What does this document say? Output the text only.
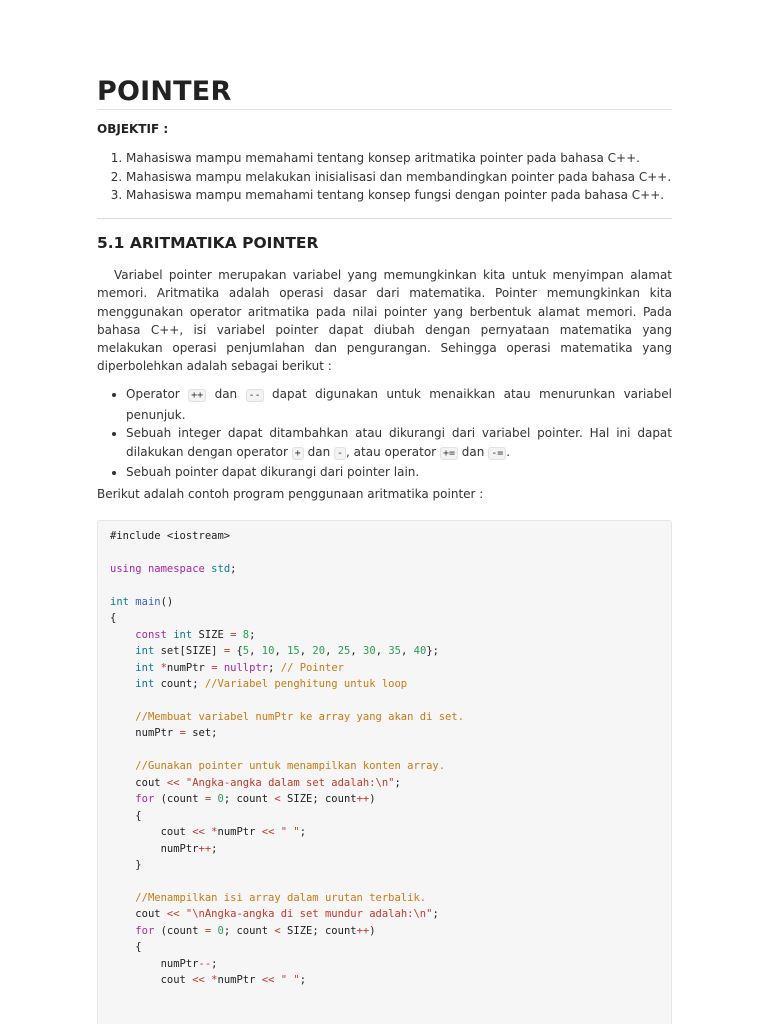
POINTER
OBJEKTIF :
1. Mahasiswa mampu memahami tentang konsep aritmatika pointer pada bahasa C++.
2. Mahasiswa mampu melakukan inisialisasi dan membandingkan pointer pada bahasa C++.
3. Mahasiswa mampu memahami tentang konsep fungsi dengan pointer pada bahasa C++.
5.1 ARITMATIKA POINTER

Variabel pointer merupakan variabel yang memungkinkan kita untuk menyimpan alamat memori. Aritmatika adalah operasi dasar dari matematika. Pointer memungkinkan kita menggunakan operator aritmatika pada nilai pointer yang berbentuk alamat memori. Pada bahasa C++, isi variabel pointer dapat diubah dengan pernyataan matematika yang melakukan operasi penjumlahan dan pengurangan. Sehingga operasi matematika yang diperbolehkan adalah sebagai berikut :

• Operator ++ dan -- dapat digunakan untuk menaikkan atau menurunkan variabel penunjuk.
• Sebuah integer dapat ditambahkan atau dikurangi dari variabel pointer. Hal ini dapat dilakukan dengan operator + dan - , atau operator += dan -= .
• Sebuah pointer dapat dikurangi dari pointer lain.

Berikut adalah contoh program penggunaan aritmatika pointer :

#include <iostream>

using namespace std;

int main()
{
const int SIZE = 8;
int set[SIZE] = {5, 10, 15, 20, 25, 30, 35, 40};
int *numPtr = nullptr; // Pointer
int count; //Variabel penghitung untuk loop

//Membuat variabel numPtr ke array yang akan di set.
numPtr = set;

//Gunakan pointer untuk menampilkan konten array.
cout << "Angka-angka dalam set adalah:\n";
for (count = 0; count < SIZE; count++)
{
cout << *numPtr << " ";
numPtr++;
}

//Menampilkan isi array dalam urutan terbalik.
cout << "\nAngka-angka di set mundur adalah:\n";
for (count = 0; count < SIZE; count++)
{
numPtr--;
cout << *numPtr << " ";
